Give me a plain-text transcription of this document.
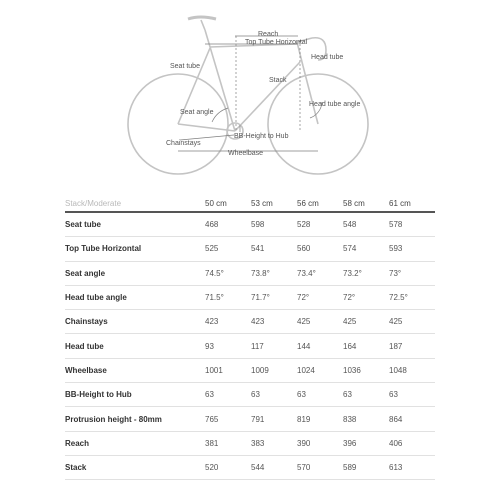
Reach
Top Tube Horizontal
Head tube
Seat tube
Stack
Head tube angle
Seat angle
Chainstays
BB-Height to Hub
Wheelbase
Stack/Moderate	50 cm	53 cm	56 cm	58 cm	61 cm
Seat tube	468	598	528	548	578
Top Tube Horizontal	525	541	560	574	593
Seat angle	74.5°	73.8°	73.4°	73.2°	73°
Head tube angle	71.5°	71.7°	72°	72°	72.5°
Chainstays	423	423	425	425	425
Head tube	93	117	144	164	187
Wheelbase	1001	1009	1024	1036	1048
BB-Height to Hub	63	63	63	63	63
Protrusion height - 80mm	765	791	819	838	864
Reach	381	383	390	396	406
Stack	520	544	570	589	613
